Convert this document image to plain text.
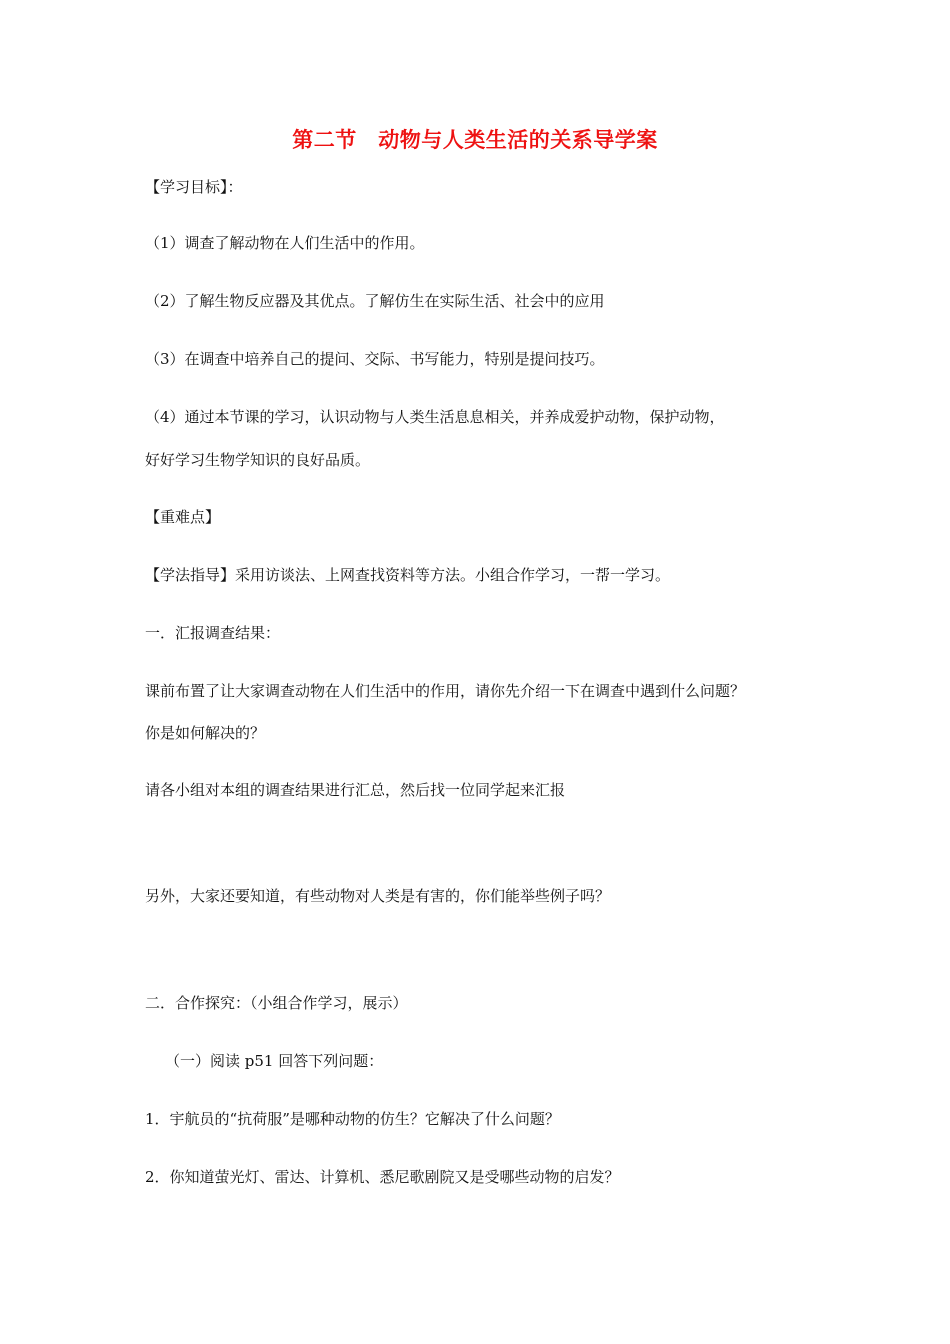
第二节　动物与人类生活的关系导学案
【学习目标】：
（1）调查了解动物在人们生活中的作用。
（2）了解生物反应器及其优点。了解仿生在实际生活、社会中的应用
（3）在调查中培养自己的提问、交际、书写能力，特别是提问技巧。
（4）通过本节课的学习，认识动物与人类生活息息相关，并养成爱护动物，保护动物，
好好学习生物学知识的良好品质。
【重难点】
【学法指导】采用访谈法、上网查找资料等方法。小组合作学习，一帮一学习。
一．汇报调查结果：
课前布置了让大家调查动物在人们生活中的作用，请你先介绍一下在调查中遇到什么问题？
你是如何解决的？
请各小组对本组的调查结果进行汇总，然后找一位同学起来汇报
另外，大家还要知道，有些动物对人类是有害的，你们能举些例子吗？
二．合作探究：（小组合作学习，展示）
（一）阅读 p51 回答下列问题：
1．宇航员的“抗荷服”是哪种动物的仿生？它解决了什么问题？
2．你知道萤光灯、雷达、计算机、悉尼歌剧院又是受哪些动物的启发？
